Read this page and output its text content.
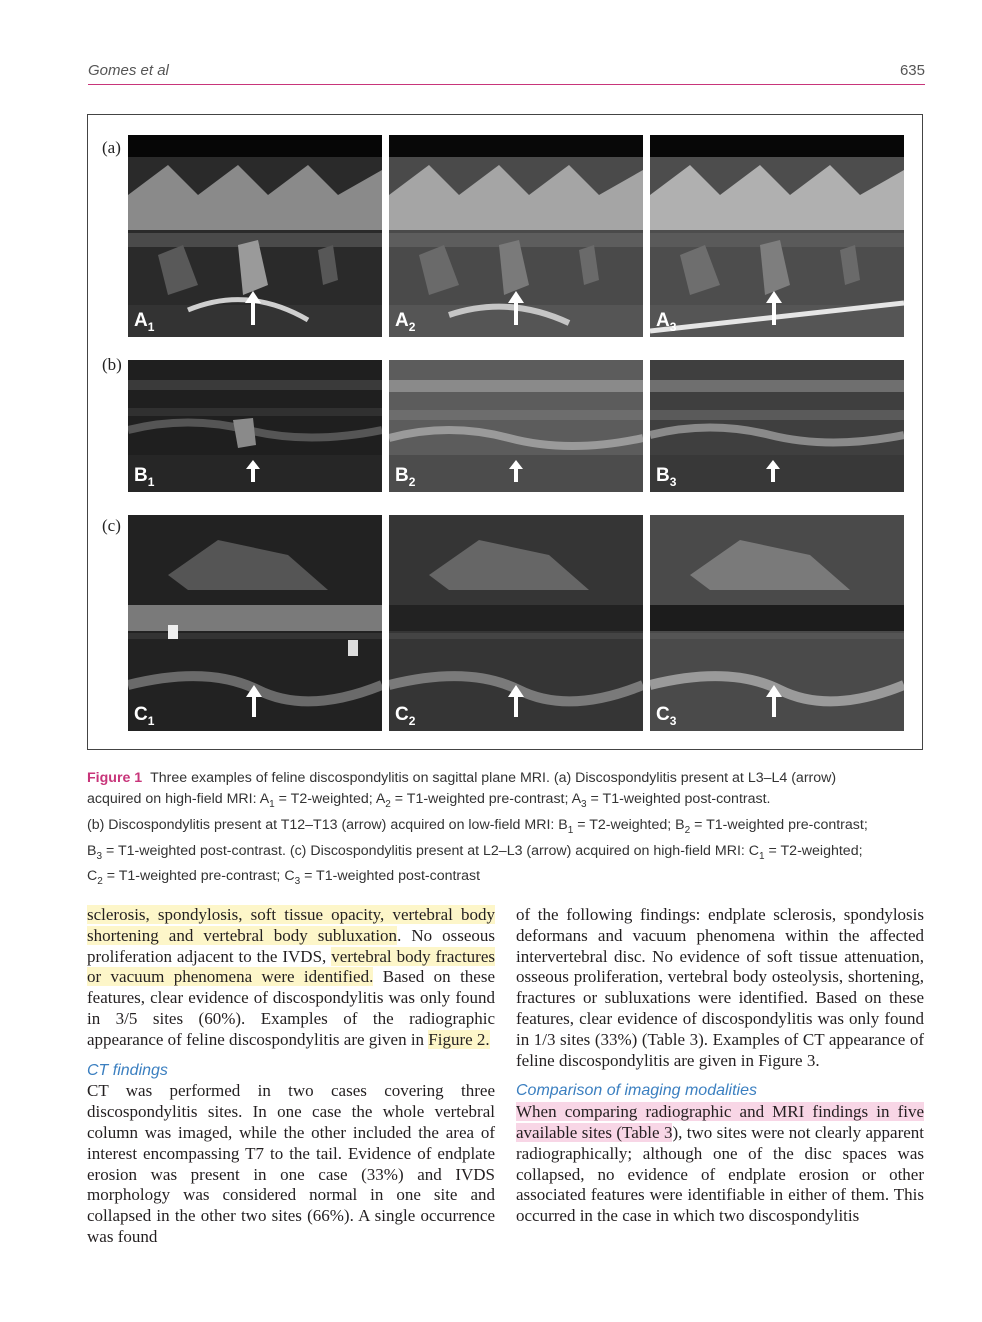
Gomes et al	635
(a)
(b)
(c)
$A_1$	$A_2$	$A_3$
$B_1$	$B_2$	$B_3$
$C_1$	$C_2$	$C_3$
Figure 1 Three examples of feline discospondylitis on sagittal plane MRI. (a) Discospondylitis present at L3–L4 (arrow)
acquired on high-field MRI: $A_1$ = T2-weighted; $A_2$ = T1-weighted pre-contrast; $A_3$ = T1-weighted post-contrast.
(b) Discospondylitis present at T12–T13 (arrow) acquired on low-field MRI: $B_1$ = T2-weighted; $B_2$ = T1-weighted pre-contrast;
$B_3$ = T1-weighted post-contrast. (c) Discospondylitis present at L2–L3 (arrow) acquired on high-field MRI: $C_1$ = T2-weighted;
$C_2$ = T1-weighted pre-contrast; $C_3$ = T1-weighted post-contrast

sclerosis, spondylosis, soft tissue opacity, vertebral body shortening and vertebral body subluxation. No osseous proliferation adjacent to the IVDS, vertebral body fractures or vacuum phenomena were identified. Based on these features, clear evidence of discospondylitis was only found in 3/5 sites (60%). Examples of the radiographic appearance of feline discospondylitis are given in Figure 2.

CT findings

CT was performed in two cases covering three discospondylitis sites. In one case the whole vertebral column was imaged, while the other included the area of interest encompassing T7 to the tail. Evidence of endplate erosion was present in one case (33%) and IVDS morphology was considered normal in one site and collapsed in the other two sites (66%). A single occurrence was found

of the following findings: endplate sclerosis, spondylosis deformans and vacuum phenomena within the affected intervertebral disc. No evidence of soft tissue attenuation, osseous proliferation, vertebral body osteolysis, shortening, fractures or subluxations were identified. Based on these features, clear evidence of discospondylitis was only found in 1/3 sites (33%) (Table 3). Examples of CT appearance of feline discospondylitis are given in Figure 3.

Comparison of imaging modalities

When comparing radiographic and MRI findings in five available sites (Table 3), two sites were not clearly apparent radiographically; although one of the disc spaces was collapsed, no evidence of endplate erosion or other associated features were identifiable in either of them. This occurred in the case in which two discospondylitis
